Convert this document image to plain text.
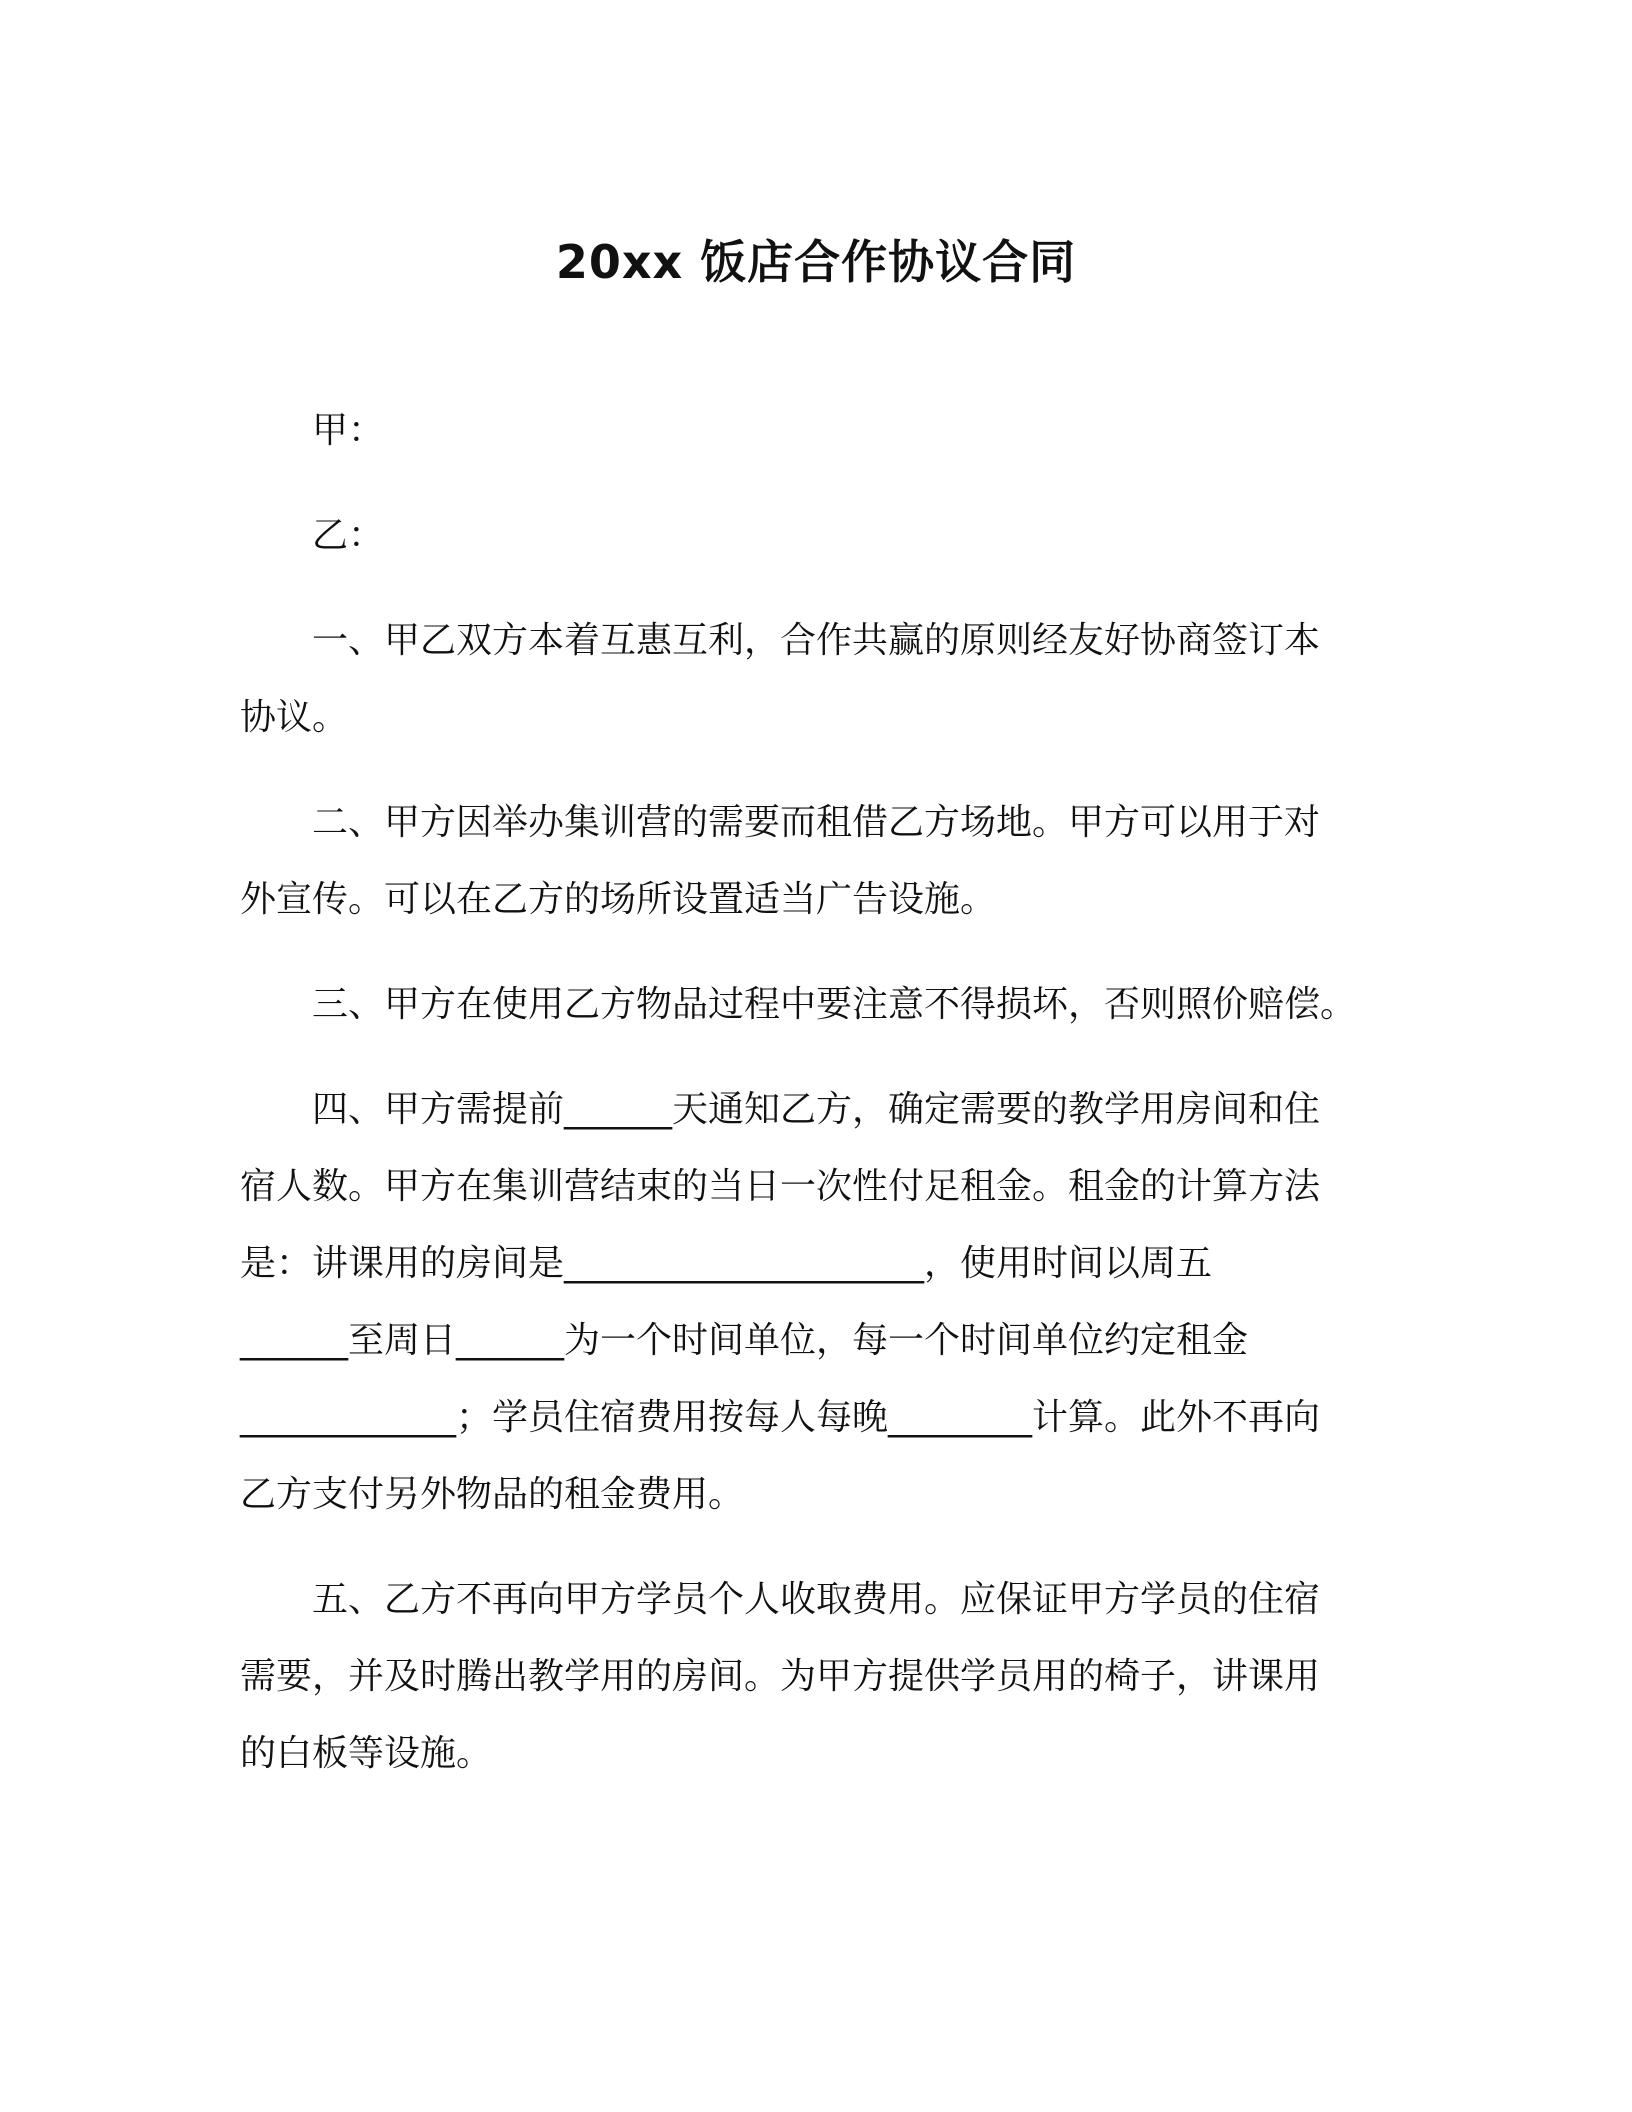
20xx 饭店合作协议合同

甲：

乙：

一、甲乙双方本着互惠互利，合作共赢的原则经友好协商签订本
协议。
二、甲方因举办集训营的需要而租借乙方场地。甲方可以用于对
外宣传。可以在乙方的场所设置适当广告设施。
三、甲方在使用乙方物品过程中要注意不得损坏，否则照价赔偿。
四、甲方需提前______天通知乙方，确定需要的教学用房间和住
宿人数。甲方在集训营结束的当日一次性付足租金。租金的计算方法
是：讲课用的房间是____________________，使用时间以周五
______至周日______为一个时间单位，每一个时间单位约定租金
____________；学员住宿费用按每人每晚________计算。此外不再向
乙方支付另外物品的租金费用。
五、乙方不再向甲方学员个人收取费用。应保证甲方学员的住宿
需要，并及时腾出教学用的房间。为甲方提供学员用的椅子，讲课用
的白板等设施。
